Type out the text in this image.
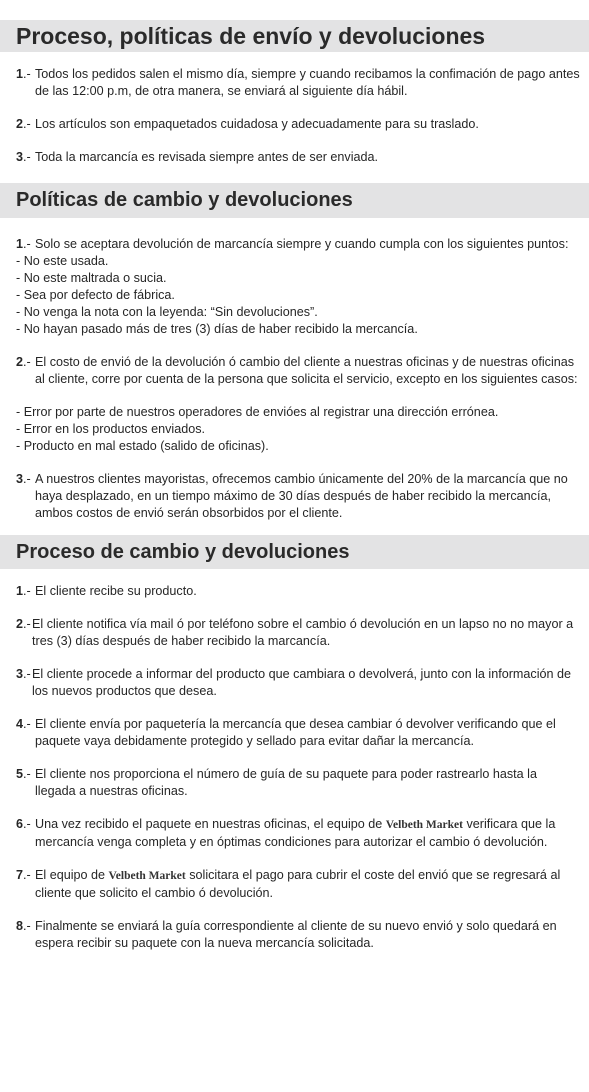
Proceso, políticas de envío y devoluciones
1.- Todos los pedidos salen el mismo día, siempre y cuando recibamos la confimación de pago antes de las 12:00 p.m, de otra manera, se enviará al siguiente día hábil.
2.- Los artículos son empaquetados cuidadosa y adecuadamente para su traslado.
3.- Toda la marcancía es revisada siempre antes de ser enviada.
Políticas de cambio y devoluciones
1.- Solo se aceptara devolución de marcancía siempre y cuando cumpla con los siguientes puntos:
- No este usada.
- No este maltrada o sucia.
- Sea por defecto de fábrica.
- No venga la nota con la leyenda: “Sin devoluciones”.
- No hayan pasado más de tres (3) días de haber recibido la mercancía.
2.- El costo de envió de la devolución ó cambio del cliente a nuestras oficinas y de nuestras oficinas al cliente, corre por cuenta de la persona que solicita el servicio, excepto en los siguientes casos:
- Error por parte de nuestros operadores de envióes al registrar una dirección errónea.
- Error en los productos enviados.
- Producto en mal estado (salido de oficinas).
3.- A nuestros clientes mayoristas, ofrecemos cambio únicamente del 20% de la marcancía que no haya desplazado, en un tiempo máximo de 30 días después de haber recibido la mercancía, ambos costos de envió serán obsorbidos por el cliente.
Proceso de cambio y devoluciones
1.- El cliente recibe su producto.
2.- El cliente notifica vía mail ó por teléfono sobre el cambio ó devolución en un lapso no no mayor a tres (3) días después de haber recibido la marcancía.
3.- El cliente procede a informar del producto que cambiara o devolverá, junto con la información de los nuevos productos que desea.
4.- El cliente envía por paquetería la mercancía que desea cambiar ó devolver verificando que el paquete vaya debidamente protegido y sellado para evitar dañar la mercancía.
5.- El cliente nos proporciona el número de guía de su paquete para poder rastrearlo hasta la llegada a nuestras oficinas.
6.- Una vez recibido el paquete en nuestras oficinas, el equipo de Velbeth Market verificara que la mercancía venga completa y en óptimas condiciones para autorizar el cambio ó devolución.
7.- El equipo de Velbeth Market solicitara el pago para cubrir el coste del envió que se regresará al cliente que solicito el cambio ó devolución.
8.- Finalmente se enviará la guía correspondiente al cliente de su nuevo envió y solo quedará en espera recibir su paquete con la nueva mercancía solicitada.
